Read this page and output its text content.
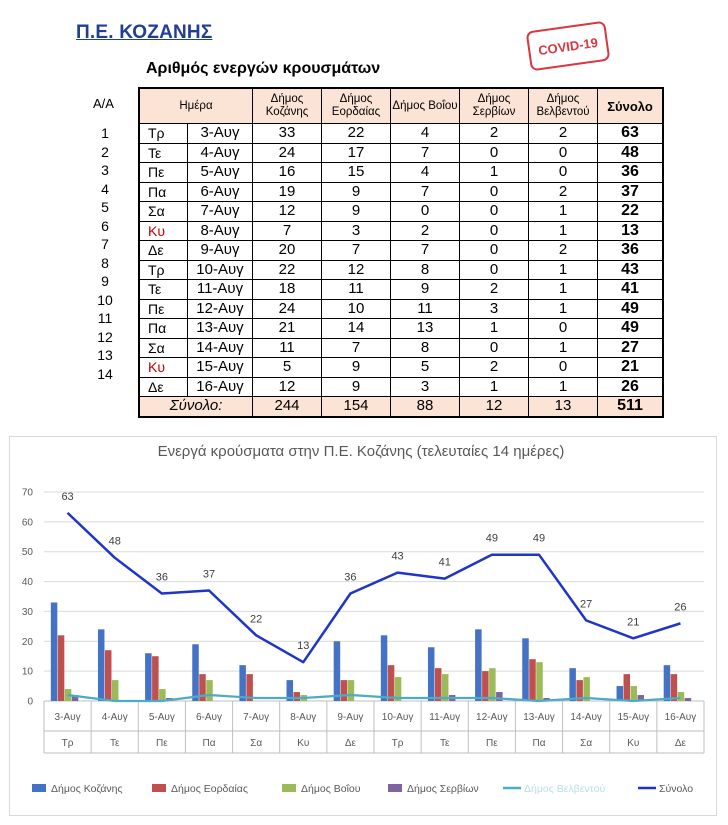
Π.Ε. ΚΟΖΑΝΗΣ
Αριθμός ενεργών κρουσμάτων
COVID-19
Α/Α
1
2
3
4
5
6
7
8
9
10
11
12
13
14
Ημέρα		Δήμος Κοζάνης	Δήμος Εορδαίας	Δήμος Βοΐου	Δήμος Σερβίων	Δήμος Βελβεντού	Σύνολο
Τρ	3-Αυγ	33	22	4	2	2	63
Τε	4-Αυγ	24	17	7	0	0	48
Πε	5-Αυγ	16	15	4	1	0	36
Πα	6-Αυγ	19	9	7	0	2	37
Σα	7-Αυγ	12	9	0	0	1	22
Κυ	8-Αυγ	7	3	2	0	1	13
Δε	9-Αυγ	20	7	7	0	2	36
Τρ	10-Αυγ	22	12	8	0	1	43
Τε	11-Αυγ	18	11	9	2	1	41
Πε	12-Αυγ	24	10	11	3	1	49
Πα	13-Αυγ	21	14	13	1	0	49
Σα	14-Αυγ	11	7	8	0	1	27
Κυ	15-Αυγ	5	9	5	2	0	21
Δε	16-Αυγ	12	9	3	1	1	26
Σύνολο:		244	154	88	12	13	511
Ενεργά κρούσματα στην Π.Ε. Κοζάνης (τελευταίες 14 ημέρες)
0
10
20
30
40
50
60
70
3-Αυγ
Τρ
4-Αυγ
Τε
5-Αυγ
Πε
6-Αυγ
Πα
7-Αυγ
Σα
8-Αυγ
Κυ
9-Αυγ
Δε
10-Αυγ
Τρ
11-Αυγ
Τε
12-Αυγ
Πε
13-Αυγ
Πα
14-Αυγ
Σα
15-Αυγ
Κυ
16-Αυγ
Δε
63
48
36	37
22
13
36
43	41
49	49
27
21
26
Δήμος Κοζάνης	Δήμος Εορδαίας	Δήμος Βοΐου	Δήμος Σερβίων	Δήμος Βελβεντού	Σύνολο
